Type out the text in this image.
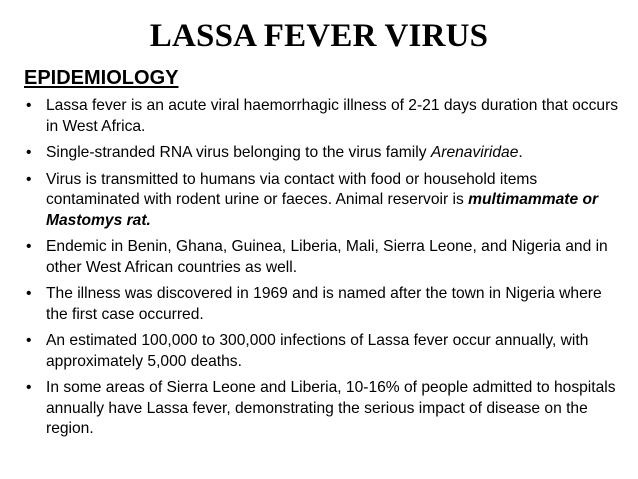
LASSA FEVER VIRUS
EPIDEMIOLOGY
• Lassa fever is an acute viral haemorrhagic illness of 2-21 days duration that occurs in West Africa.
• Single-stranded RNA virus belonging to the virus family Arenaviridae.
• Virus is transmitted to humans via contact with food or household items contaminated with rodent urine or faeces. Animal reservoir is multimammate or Mastomys rat.
• Endemic in Benin, Ghana, Guinea, Liberia, Mali, Sierra Leone, and Nigeria and in other West African countries as well.
• The illness was discovered in 1969 and is named after the town in Nigeria where the first case occurred.
• An estimated 100,000 to 300,000 infections of Lassa fever occur annually, with approximately 5,000 deaths.
• In some areas of Sierra Leone and Liberia, 10-16% of people admitted to hospitals annually have Lassa fever, demonstrating the serious impact of disease on the region.
